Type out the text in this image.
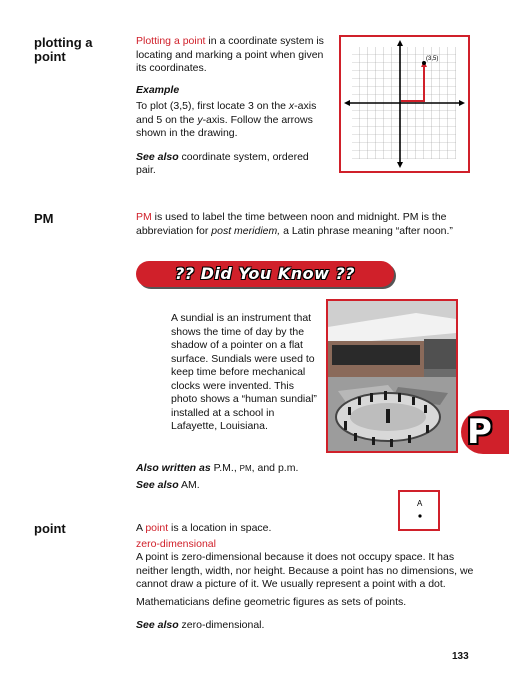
plotting a
point

Plotting a point in a coordinate system is locating and marking a point when given its coordinates.

Example

To plot (3,5), first locate 3 on the x-axis and 5 on the y-axis. Follow the arrows shown in the drawing.

See also coordinate system, ordered pair.

(3,5)
PM	PM is used to label the time between noon and midnight. PM is the abbreviation for post meridiem, a Latin phrase meaning “after noon.”

?? Did You Know ??
A sundial is an instrument that shows the time of day by the shadow of a pointer on a flat surface. Sundials were used to keep time before mechanical clocks were invented. This photo shows a “human sundial” installed at a school in Lafayette, Louisiana.	P

Also written as P.M., PM, and p.m.

See also AM.

A
point	A point is a location in space.

zero-dimensional

A point is zero-dimensional because it does not occupy space. It has neither length, width, nor height. Because a point has no dimensions, we cannot draw a picture of it. We usually represent a point with a dot.

Mathematicians define geometric figures as sets of points.

See also zero-dimensional.

133
